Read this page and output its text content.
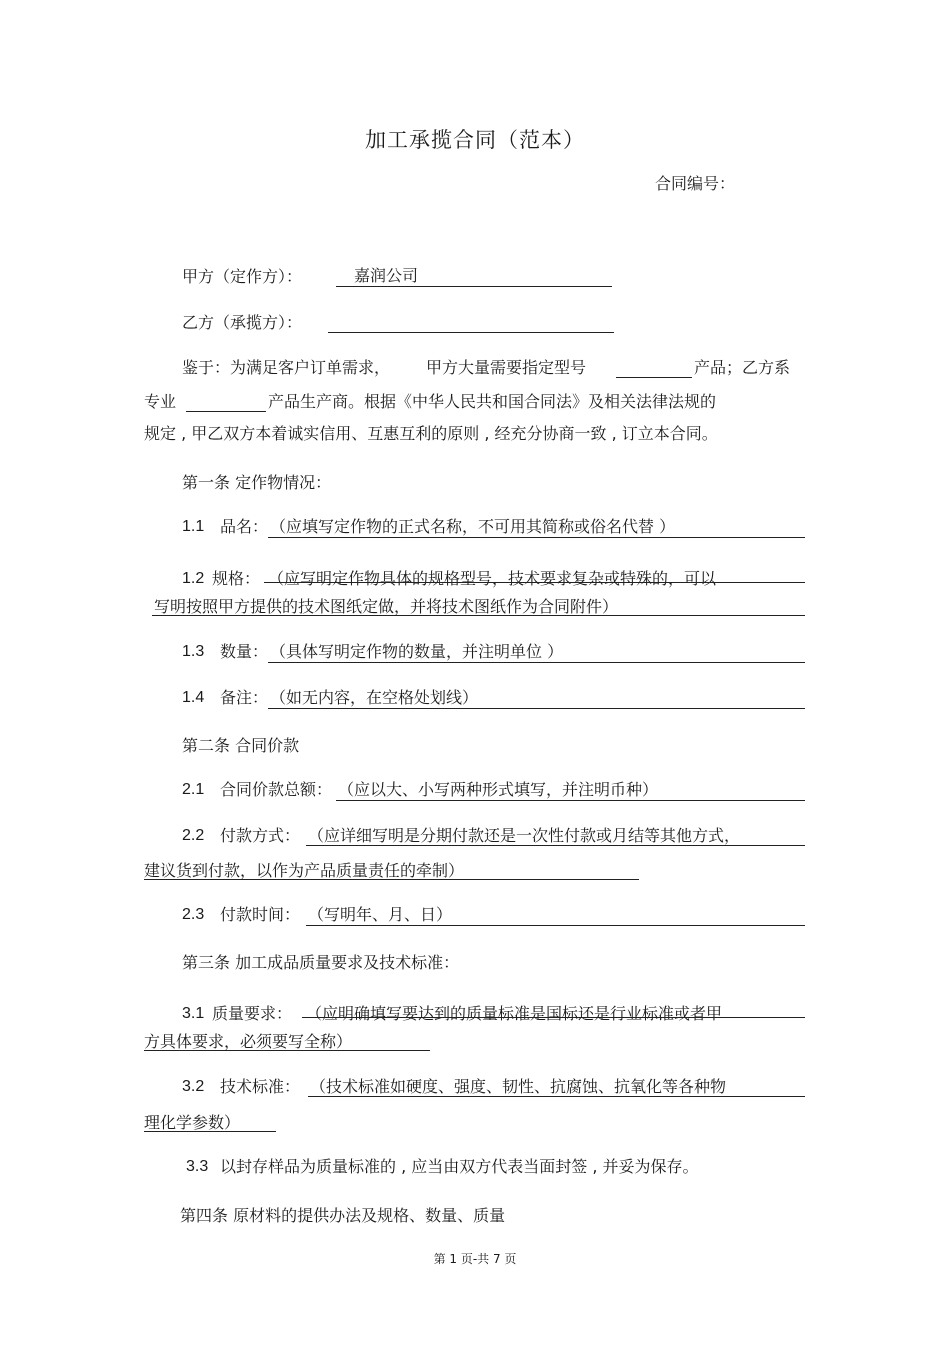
加工承揽合同（范本）
合同编号：
甲方（定作方）：	嘉润公司
乙方（承揽方）：
鉴于：为满足客户订单需求， 甲方大量需要指定型号	产品；乙方系
专业	产品生产商。根据《中华人民共和国合同法》及相关法律法规的
规定 , 甲乙双方本着诚实信用、互惠互利的原则 , 经充分协商一致 , 订立本合同。
第一条 定作物情况：
1.1 品名： （应填写定作物的正式名称，不可用其简称或俗名代替 ）
1.2 规格： （应写明定作物具体的规格型号，技术要求复杂或特殊的，可以
写明按照甲方提供的技术图纸定做，并将技术图纸作为合同附件）
1.3 数量： （具体写明定作物的数量，并注明单位 ）
1.4 备注： （如无内容，在空格处划线）
第二条 合同价款
2.1 合同价款总额： （应以大、小写两种形式填写，并注明币种）
2.2 付款方式： （应详细写明是分期付款还是一次性付款或月结等其他方式，
建议货到付款，以作为产品质量责任的牵制）
2.3 付款时间： （写明年、月、日）
第三条 加工成品质量要求及技术标准：
3.1 质量要求： （应明确填写要达到的质量标准是国标还是行业标准或者甲
方具体要求，必须要写全称）
3.2 技术标准： （技术标准如硬度、强度、韧性、抗腐蚀、抗氧化等各种物
理化学参数）
3.3 以封存样品为质量标准的 , 应当由双方代表当面封签 , 并妥为保存。
第四条 原材料的提供办法及规格、数量、质量
第 1 页-共 7 页
